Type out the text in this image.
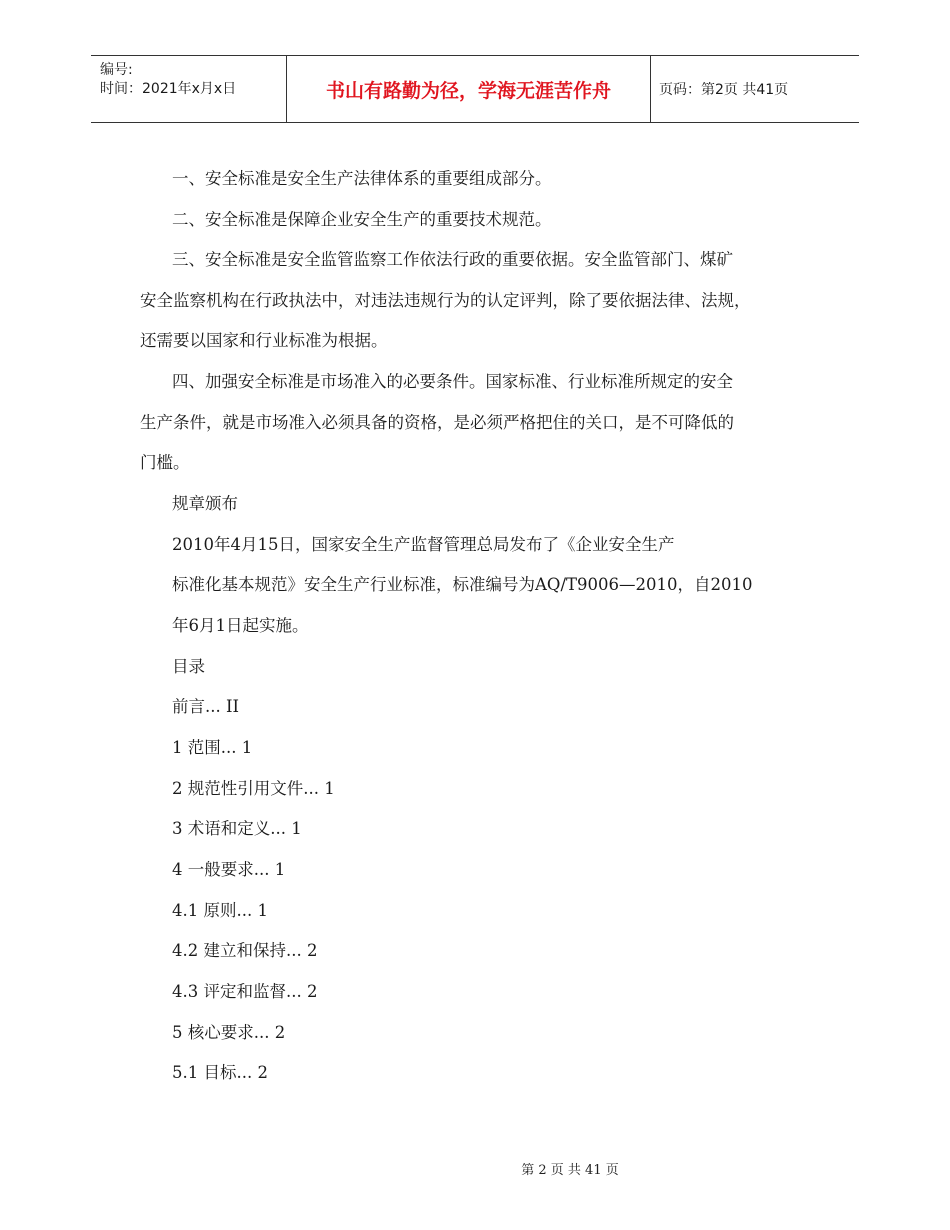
编号:
时间：2021年x月x日	书山有路勤为径，学海无涯苦作舟	页码：第2页 共41页
一、安全标准是安全生产法律体系的重要组成部分。
二、安全标准是保障企业安全生产的重要技术规范。
三、安全标准是安全监管监察工作依法行政的重要依据。安全监管部门、煤矿
安全监察机构在行政执法中，对违法违规行为的认定评判，除了要依据法律、法规，
还需要以国家和行业标准为根据。
四、加强安全标准是市场准入的必要条件。国家标准、行业标准所规定的安全
生产条件，就是市场准入必须具备的资格，是必须严格把住的关口，是不可降低的
门槛。
规章颁布
2010年4月15日，国家安全生产监督管理总局发布了《企业安全生产
标准化基本规范》安全生产行业标准，标准编号为AQ/T9006—2010，自2010
年6月1日起实施。
目录
前言... II
1 范围... 1
2 规范性引用文件... 1
3 术语和定义... 1
4 一般要求... 1
4.1 原则... 1
4.2 建立和保持... 2
4.3 评定和监督... 2
5 核心要求... 2
5.1 目标... 2
第 2 页 共 41 页
